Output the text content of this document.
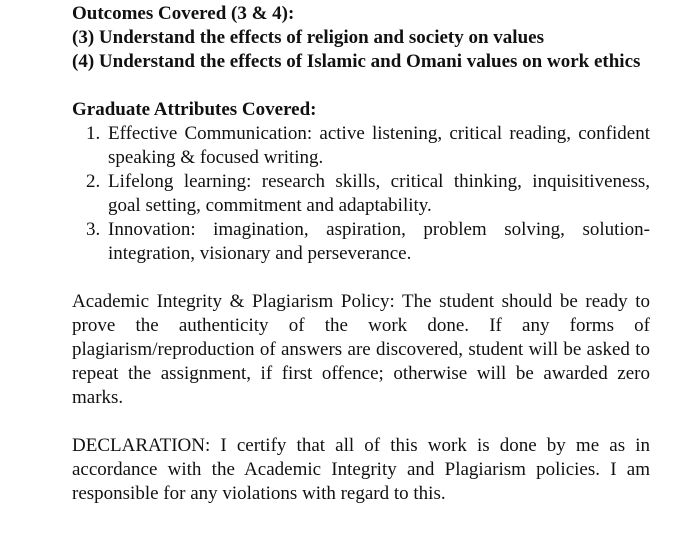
Outcomes Covered (3 & 4):

(3) Understand the effects of religion and society on values

(4) Understand the effects of Islamic and Omani values on work ethics

Graduate Attributes Covered:

1. Effective Communication: active listening, critical reading, confident speaking & focused writing.
2. Lifelong learning: research skills, critical thinking, inquisitiveness, goal setting, commitment and adaptability.
3. Innovation: imagination, aspiration, problem solving, solution-integration, visionary and perseverance.

Academic Integrity & Plagiarism Policy: The student should be ready to prove the authenticity of the work done. If any forms of plagiarism/reproduction of answers are discovered, student will be asked to repeat the assignment, if first offence; otherwise will be awarded zero marks.

DECLARATION: I certify that all of this work is done by me as in accordance with the Academic Integrity and Plagiarism policies. I am responsible for any violations with regard to this.
